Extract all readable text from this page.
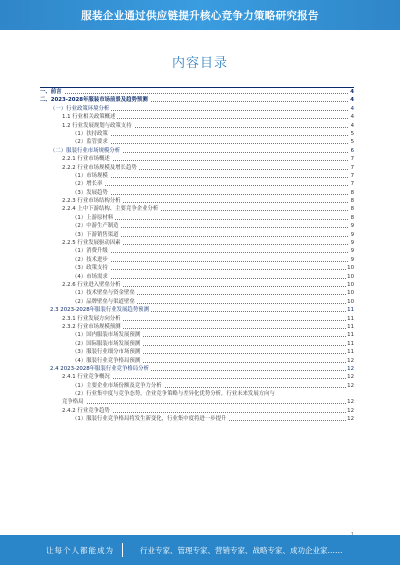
服装企业通过供应链提升核心竞争力策略研究报告
内容目录
一、前言	4
二、2023-2028年服装市场前景及趋势预测	4
（一）行业政策环境分析	4
1.1 行业相关政策概述	4
1.2 行业发展规划与政策支持	4
（1）扶持政策	5
（2）监管要求	5
（二）服装行业市场规模分析	6
2.2.1 行业市场概述	7
2.2.2 行业市场规模及增长趋势	7
（1）市场规模	7
（2）增长率	7
（3）发展趋势	8
2.2.3 行业市场结构分析	8
2.2.4 上中下游结构、主要竞争企业分析	8
（1）上游原材料	8
（2）中游生产制造	9
（3）下游销售渠道	9
2.2.5 行业发展驱动因素	9
（1）消费升级	9
（2）技术进步	9
（3）政策支持	10
（4）市场需求	10
2.2.6 行业进入壁垒分析	10
（1）技术壁垒与资金壁垒	10
（2）品牌壁垒与渠道壁垒	10
2.3 2023-2028年服装行业发展趋势预测	11
2.3.1 行业发展方向分析	11
2.3.2 行业市场规模预测	11
（1）国内服装市场发展预测	11
（2）国际服装市场发展预测	11
（3）服装行业细分市场预测	11
（4）服装行业竞争格局预测	12
2.4 2023-2028年服装行业竞争格局分析	12
2.4.1 行业竞争概况	12
（1）主要企业市场份额及竞争力分析	12
（2）行业集中度与竞争态势，企业竞争策略与差异化优势分析，行业未来发展方向与
竞争格局	12
2.4.2 行业竞争趋势	12
（1）服装行业竞争格局将发生新变化，行业集中度将进一步提升	12
让每个人都能成为	行业专家、管理专家、营销专家、战略专家、成功企业家……
